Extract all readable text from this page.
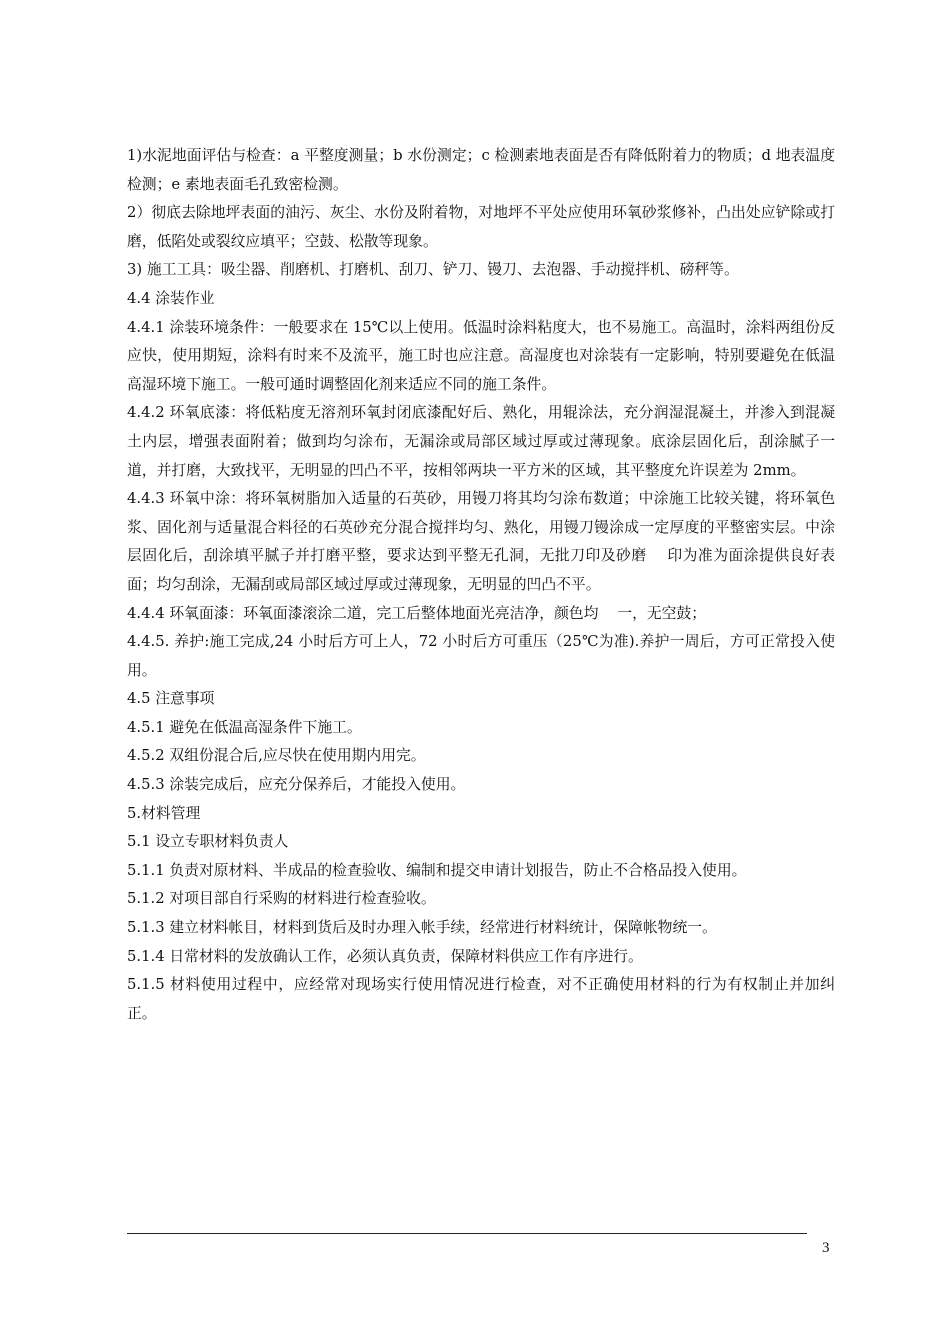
1)水泥地面评估与检查：a 平整度测量；b 水份测定；c 检测素地表面是否有降低附着力的物质；d 地表温度检测；e 素地表面毛孔致密检测。

2）彻底去除地坪表面的油污、灰尘、水份及附着物，对地坪不平处应使用环氧砂浆修补，凸出处应铲除或打磨，低陷处或裂纹应填平；空鼓、松散等现象。

3) 施工工具：吸尘器、削磨机、打磨机、刮刀、铲刀、镘刀、去泡器、手动搅拌机、磅秤等。

4.4 涂装作业

4.4.1 涂装环境条件：一般要求在 15℃以上使用。低温时涂料粘度大，也不易施工。高温时，涂料两组份反应快，使用期短，涂料有时来不及流平，施工时也应注意。高湿度也对涂装有一定影响，特别要避免在低温高湿环境下施工。一般可通时调整固化剂来适应不同的施工条件。

4.4.2 环氧底漆：将低粘度无溶剂环氧封闭底漆配好后、熟化，用辊涂法，充分润湿混凝土，并渗入到混凝土内层，增强表面附着；做到均匀涂布，无漏涂或局部区域过厚或过薄现象。底涂层固化后，刮涂腻子一道，并打磨，大致找平，无明显的凹凸不平，按相邻两块一平方米的区域，其平整度允许误差为 2mm。

4.4.3 环氧中涂：将环氧树脂加入适量的石英砂，用镘刀将其均匀涂布数道；中涂施工比较关键，将环氧色浆、固化剂与适量混合料径的石英砂充分混合搅拌均匀、熟化，用镘刀镘涂成一定厚度的平整密实层。中涂层固化后，刮涂填平腻子并打磨平整，要求达到平整无孔洞，无批刀印及砂磨    印为准为面涂提供良好表面；均匀刮涂，无漏刮或局部区域过厚或过薄现象，无明显的凹凸不平。

4.4.4 环氧面漆：环氧面漆滚涂二道，完工后整体地面光亮洁净，颜色均    一，无空鼓；

4.4.5. 养护:施工完成,24 小时后方可上人，72 小时后方可重压（25℃为准).养护一周后，方可正常投入使用。

4.5 注意事项

4.5.1 避免在低温高湿条件下施工。

4.5.2 双组份混合后,应尽快在使用期内用完。

4.5.3 涂装完成后，应充分保养后，才能投入使用。

5.材料管理

5.1 设立专职材料负责人

5.1.1 负责对原材料、半成品的检查验收、编制和提交申请计划报告，防止不合格品投入使用。

5.1.2 对项目部自行采购的材料进行检查验收。

5.1.3 建立材料帐目，材料到货后及时办理入帐手续，经常进行材料统计，保障帐物统一。

5.1.4 日常材料的发放确认工作，必须认真负责，保障材料供应工作有序进行。

5.1.5 材料使用过程中，应经常对现场实行使用情况进行检查，对不正确使用材料的行为有权制止并加纠正。

3
